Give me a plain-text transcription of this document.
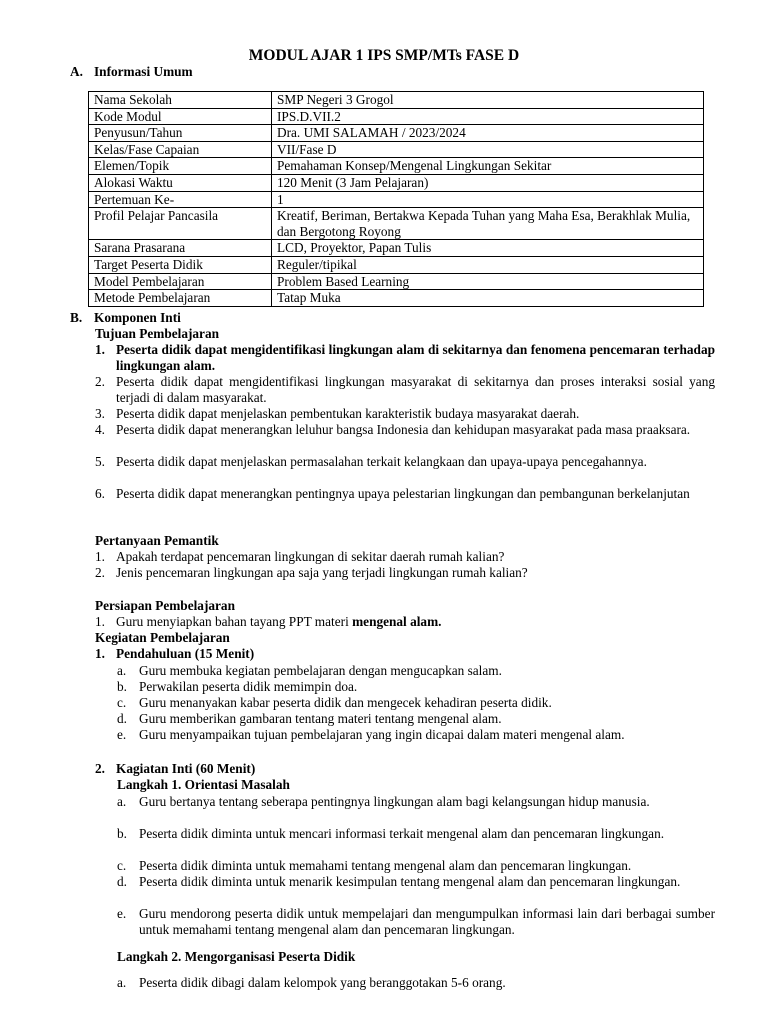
MODUL AJAR 1 IPS SMP/MTs FASE D
A. Informasi Umum
Nama Sekolah	SMP Negeri 3 Grogol
Kode Modul	IPS.D.VII.2
Penyusun/Tahun	Dra. UMI SALAMAH / 2023/2024
Kelas/Fase Capaian	VII/Fase D
Elemen/Topik	Pemahaman Konsep/Mengenal Lingkungan Sekitar
Alokasi Waktu	120 Menit (3 Jam Pelajaran)
Pertemuan Ke-	1
Profil Pelajar Pancasila	Kreatif, Beriman, Bertakwa Kepada Tuhan yang Maha Esa, Berakhlak Mulia, dan Bergotong Royong
Sarana Prasarana	LCD, Proyektor, Papan Tulis
Target Peserta Didik	Reguler/tipikal
Model Pembelajaran	Problem Based Learning
Metode Pembelajaran	Tatap Muka
B. Komponen Inti
Tujuan Pembelajaran
1. Peserta didik dapat mengidentifikasi lingkungan alam di sekitarnya dan fenomena pencemaran terhadap lingkungan alam.
2. Peserta didik dapat mengidentifikasi lingkungan masyarakat di sekitarnya dan proses interaksi sosial yang terjadi di dalam masyarakat.
3. Peserta didik dapat menjelaskan pembentukan karakteristik budaya masyarakat daerah.
4. Peserta didik dapat menerangkan leluhur bangsa Indonesia dan kehidupan masyarakat pada masa praaksara.
5. Peserta didik dapat menjelaskan permasalahan terkait kelangkaan dan upaya-upaya pencegahannya.
6. Peserta didik dapat menerangkan pentingnya upaya pelestarian lingkungan dan pembangunan berkelanjutan
Pertanyaan Pemantik
1. Apakah terdapat pencemaran lingkungan di sekitar daerah rumah kalian?
2. Jenis pencemaran lingkungan apa saja yang terjadi lingkungan rumah kalian?
Persiapan Pembelajaran
1. Guru menyiapkan bahan tayang PPT materi mengenal alam.
Kegiatan Pembelajaran
1. Pendahuluan (15 Menit)
a. Guru membuka kegiatan pembelajaran dengan mengucapkan salam.
b. Perwakilan peserta didik memimpin doa.
c. Guru menanyakan kabar peserta didik dan mengecek kehadiran peserta didik.
d. Guru memberikan gambaran tentang materi tentang mengenal alam.
e. Guru menyampaikan tujuan pembelajaran yang ingin dicapai dalam materi mengenal alam.
2. Kagiatan Inti (60 Menit)
Langkah 1. Orientasi Masalah
a. Guru bertanya tentang seberapa pentingnya lingkungan alam bagi kelangsungan hidup manusia.
b. Peserta didik diminta untuk mencari informasi terkait mengenal alam dan pencemaran lingkungan.
c. Peserta didik diminta untuk memahami tentang mengenal alam dan pencemaran lingkungan.
d. Peserta didik diminta untuk menarik kesimpulan tentang mengenal alam dan pencemaran lingkungan.
e. Guru mendorong peserta didik untuk mempelajari dan mengumpulkan informasi lain dari berbagai sumber untuk memahami tentang mengenal alam dan pencemaran lingkungan.
Langkah 2. Mengorganisasi Peserta Didik
a. Peserta didik dibagi dalam kelompok yang beranggotakan 5-6 orang.
